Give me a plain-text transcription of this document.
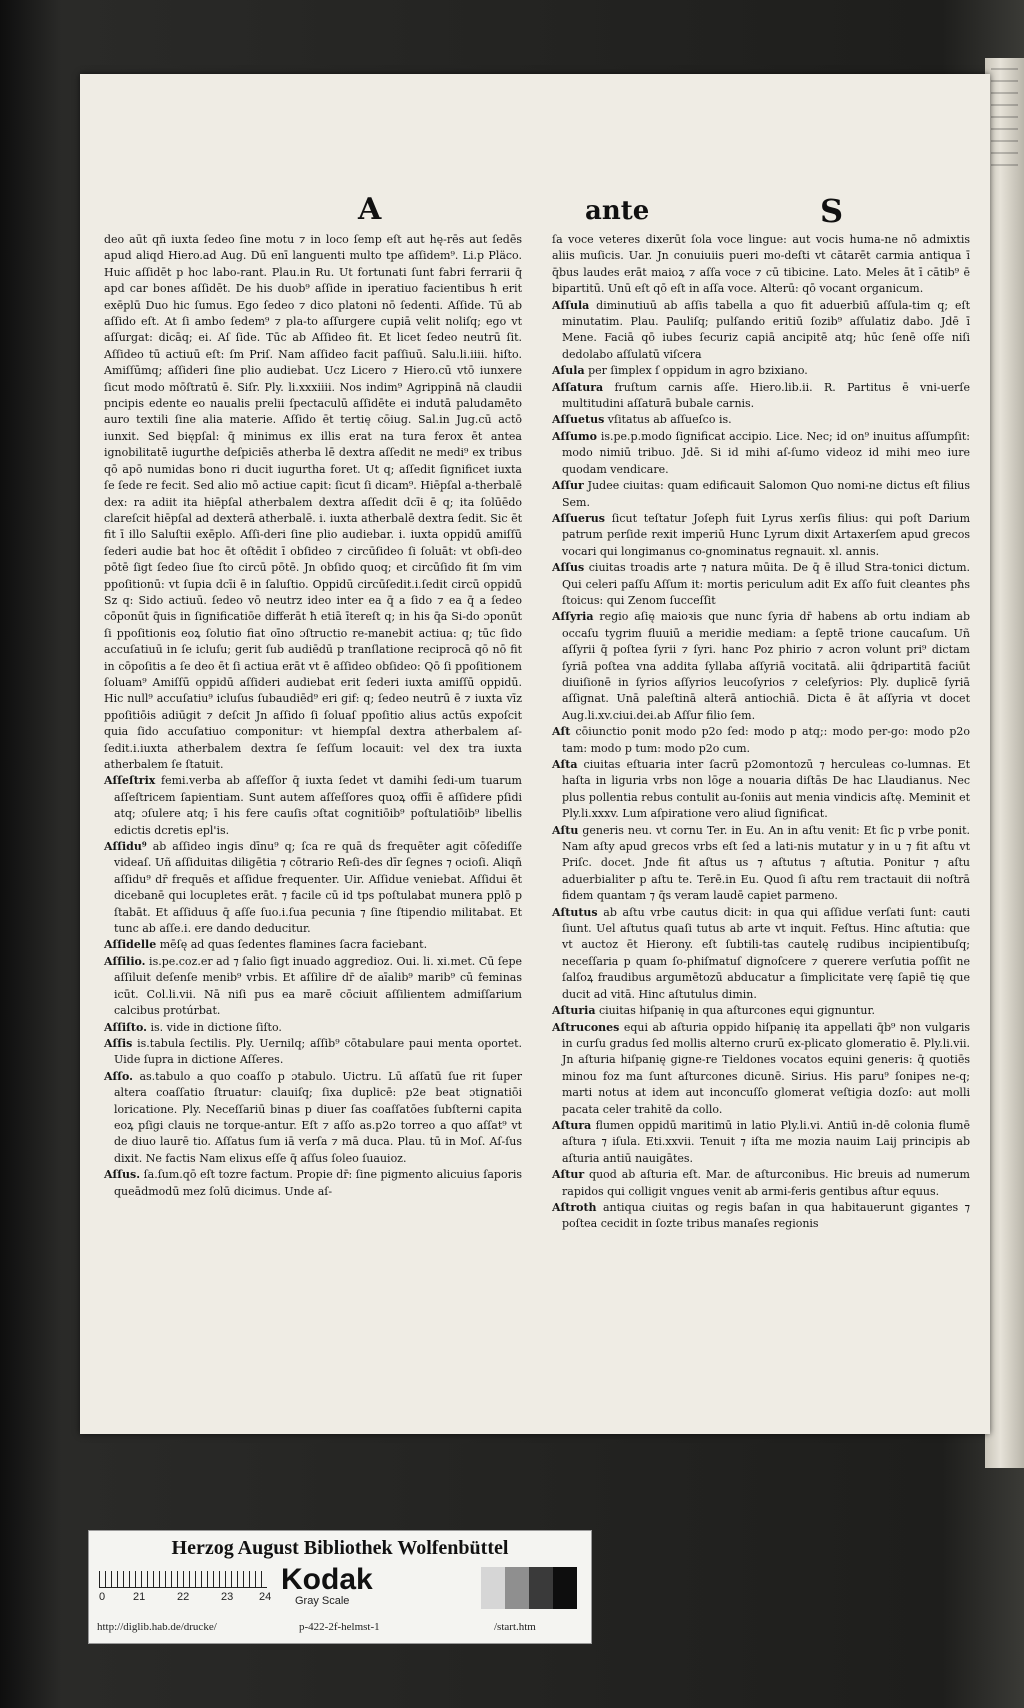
A	ante	S

deo aūt qñ iuxta ſedeo ſine motu ⁊ in loco ſemp eſt aut hę-rēs aut ſedēs apud aliqd Hiero.ad Aug. Dū enī languenti multo tpe aſſidem⁹. Li.p Pläco. Huic aſſidēt p hoc labo-rant. Plau.in Ru. Ut fortunati ſunt fabri ferrarii q̄ apd car bones aſſidēt. De his duob⁹ aſſide in iperatiuo facientibus ħ erit exēplū Duo hic ſumus. Ego ſedeo ⁊ dico platoni nō ſedenti. Aſſide. Tū ab aſſido eſt. At ſi ambo ſedem⁹ ⁊ pla-to aſſurgere cupiā velit noliſq; ego vt aſſurgat: dicāq; ei. Aſ ſide. Tūc ab Aſſideo fit. Et licet ſedeo neutrū ſit. Aſſideo tū actiuū eſt: ſm Priſ. Nam aſſideo facit paſſiuū. Salu.li.iiii. hiſto. Amiſſūmq; aſſideri ſine plio audiebat. Ucz Licero ⁊ Hiero.cū vtō iunxere ſicut modo mōſtratū ē. Siſr. Ply. li.xxxiiii. Nos indim⁹ Agrippinā nā claudii pncipis edente eo naualis prelii ſpectaculū aſſidēte ei indutā paludamēto auro textili ſine alia materie. Aſſido ēt tertię cōiug. Sal.in Jug.cū actō iunxit. Sed biępſal: q̄ minimus ex illis erat na tura ferox ēt antea ignobilitatē iugurthe deſpiciēs atherba lē dextra aſſedit ne medi⁹ ex tribus qō apō numidas bono ri ducit iugurtha foret. Ut q; aſſedit ſignificet iuxta ſe ſede re fecit. Sed alio mō actiue capit: ſicut ſi dicam⁹. Hiēpſal a-therbalē dex: ra adiit ita hiēpſal atherbalem dextra aſſedit dcīi ē q; ita ſolūēdo clareſcit hiēpſal ad dexterā atherbalē. i. iuxta atherbalē dextra ſedit. Sic ēt fit ī illo Saluſtii exēplo. Aſſi-deri ſine plio audiebar. i. iuxta oppidū amiſſū ſederi audie bat hoc ēt oſtēdit ī obſideo ⁊ circūſideo ſi ſoluāt: vt obſi-deo pōtē ſigt ſedeo ſiue ſto circū pōtē. Jn obſido quoq; et circūſido fit ſm vim ppoſitionū: vt ſupia dcīi ē in ſaluſtio. Oppidū circūſedit.i.ſedit circū oppidū Sz q: Sido actiuū. ſedeo vō neutrz ideo inter ea q̄ a ſido ⁊ ea q̄ a ſedeo cōponūt q̄uis in ſignificatiōe differāt ħ etiā ītereſt q; in his q̄a Si-do ɔponūt ſi ppoſitionis eoꝝ ſolutio fiat oīno ɔſtructio re-manebit actiua: q; tūc ſido accuſatiuū in ſe icluſu; gerit ſub audiēdū p tranſlatione reciprocā qō nō fit in cōpoſitis a ſe deo ēt ſi actiua erāt vt ē aſſideo obſideo: Qō ſi ppoſitionem ſoluam⁹ Amiſſū oppidū aſſideri audiebat erit ſederi iuxta amiſſū oppidū. Hic null⁹ accuſatiu⁹ icluſus ſubaudiēd⁹ eri gif: q; ſedeo neutrū ē ⁊ iuxta vīz ppoſitiōis adiūgit ⁊ deſcit Jn aſſido ſi ſoluaſ ppoſitio alius actūs expoſcit quia ſido accuſatiuo componitur: vt hiempſal dextra atherbalem aſ-ſedit.i.iuxta atherbalem dextra ſe ſeſſum locauit: vel dex tra iuxta atherbalem ſe ſtatuit.

Aſſeſtrix femi.verba ab aſſeſſor q̄ iuxta ſedet vt damihi ſedi-um tuarum aſſeſtricem ſapientiam. Sunt autem aſſeſſores quoꝝ offīi ē aſſidere pſidi atq; ɔſulere atq; ī his fere cauſis ɔſtat cognitiōib⁹ poſtulatiōib⁹ libellis edictis dcretis epl'is.

Aſſidu⁹ ab aſſideo ingis dīnu⁹ q; ſca re quā ḋs frequēter agit cōſediſſe videaſ. Uñ aſſiduitas diligētia ⁊ cōtrario Reſi-des dīr ſegnes ⁊ ocioſi. Aliqñ aſſidu⁹ dr̄ frequēs et aſſidue frequenter. Uir. Aſſidue veniebat. Aſſidui ēt dicebanē qui locupletes erāt. ⁊ facile cū id tps poſtulabat munera pplō p ſtabāt. Et aſſiduus q̄ aſſe ſuo.i.ſua pecunia ⁊ ſine ſtipendio militabat. Et tunc ab aſſe.i. ere dando deducitur.

Aſſidelle mēſę ad quas ſedentes flamines ſacra faciebant.

Aſſilio. is.pe.coz.er ad ⁊ ſalio ſigt inuado aggredioz. Oui. li. xi.met. Cū ſepe aſſiluit deſenſe menib⁹ vrbis. Et aſſilire dr̄ de aīalib⁹ marib⁹ cū feminas icūt. Col.li.vii. Nā niſi pus ea marē cōciuit aſſilientem admiſſarium calcibus protúrbat.

Aſſiſto. is. vide in dictione ſiſto.

Aſſis is.tabula ſectilis. Ply. Uernilq; aſſib⁹ cōtabulare paui menta oportet. Uide ſupra in dictione Aſſeres.

Aſſo. as.tabulo a quo coaſſo p ɔtabulo. Uictru. Lū aſſatū ſue rit ſuper altera coaſſatio ſtruatur: clauiſq; ſixa duplicē: p2e beat ɔtignatiōi loricatione. Ply. Neceſſariū binas p diuer ſas coaſſatōes ſubſterni capita eoꝝ pſigi clauis ne torque-antur. Eſt ⁊ aſſo as.p2o torreo a quo aſſat⁹ vt de diuo laurē tio. Aſſatus ſum iā verſa ⁊ mā duca. Plau. tū in Moſ. Aſ-ſus dixit. Ne factis Nam elixus eſſe q̄ aſſus ſoleo ſuauioz.

Aſſus. ſa.ſum.qō eſt tozre factum. Propie dr̄: ſine pigmento alicuius ſaporis queādmodū mez ſolū dicimus. Unde aſ-

ſa voce veteres dixerūt ſola voce lingue: aut vocis huma-ne nō admixtis aliis muſicis. Uar. Jn conuiuiis pueri mo-deſti vt cātarēt carmia antiqua ī q̄bus laudes erāt maioꝝ ⁊ aſſa voce ⁊ cū tibicine. Lato. Meles āt ī cātib⁹ ē bipartitū. Unū eſt qō eſt in aſſa voce. Alterū: qō vocant organicum.

Aſſula diminutiuū ab aſſis tabella a quo fit aduerbiū aſſula-tim q; eſt minutatim. Plau. Pauliſq; pulſando eritiū ſozib⁹ aſſulatiz dabo. Jdē ī Mene. Faciā qō iubes ſecuriz capiā ancipitē atq; hūc ſenē oſſe niſi dedolabo aſſulatū viſcera

Aſula per ſimplex ſ oppidum in agro bzixiano.

Aſſatura fruſtum carnis aſſe. Hiero.lib.ii. R. Partitus ē vni-uerſe multitudini aſſaturā bubale carnis.

Aſſuetus vſitatus ab aſſueſco is.

Aſſumo is.pe.p.modo ſignificat accipio. Lice. Nec; id on⁹ inuitus aſſumpſit: modo nimiū tribuo. Jdē. Si id mihi aſ-ſumo videoz id mihi meo iure quodam vendicare.

Aſſur Judee ciuitas: quam edificauit Salomon Quo nomi-ne dictus eſt filius Sem.

Aſſuerus ſicut teſtatur Joſeph fuit Lyrus xerſis filius: qui poſt Darium patrum perſide rexit imperiū Hunc Lyrum dixit Artaxerſem apud grecos vocari qui longimanus co-gnominatus regnauit. xl. annis.

Aſſus ciuitas troadis arte ⁊ natura mūita. De q̄ ē illud Stra-tonici dictum. Qui celeri paſſu Aſſum it: mortis periculum adit Ex aſſo fuit cleantes pħs ſtoicus: qui Zenom ſucceſſit

Aſſyria regio aſię maioꝛis que nunc ſyria dr̄ habens ab ortu indiam ab occaſu tygrim fluuiū a meridie mediam: a ſeptē trione caucaſum. Uñ aſſyrii q̄ poſtea ſyrii ⁊ ſyri. hanc Poz phirio ⁊ acron volunt pri⁹ dictam ſyriā poſtea vna addita ſyllaba aſſyriā vocitatā. alii q̄dripartitā faciūt diuiſionē in ſyrios aſſyrios leucoſyrios ⁊ celeſyrios: Ply. duplicē ſyriā aſſignat. Unā paleſtinā alterā antiochiā. Dicta ē āt aſſyria vt docet Aug.li.xv.ciui.dei.ab Aſſur filio ſem.

Aſt cōiunctio ponit modo p2o ſed: modo p atq;: modo per-go: modo p2o tam: modo p tum: modo p2o cum.

Aſta ciuitas eſtuaria inter ſacrū p2omontozū ⁊ herculeas co-lumnas. Et haſta in liguria vrbs non lōge a nouaria diſtās De hac Llaudianus. Nec plus pollentia rebus contulit au-ſoniis aut menia vindicis aſtę. Meminit et Ply.li.xxxv. Lum aſpiratione vero aliud ſignificat.

Aſtu generis neu. vt cornu Ter. in Eu. An in aſtu venit: Et ſic p vrbe ponit. Nam aſty apud grecos vrbs eſt ſed a lati-nis mutatur y in u ⁊ fit aſtu vt Priſc. docet. Jnde fit aſtus us ⁊ aſtutus ⁊ aſtutia. Ponitur ⁊ aſtu aduerbialiter p aſtu te. Terē.in Eu. Quod ſi aſtu rem tractauit dii noſtrā fidem quantam ⁊ q̄s veram laudē capiet parmeno.

Aſtutus ab aſtu vrbe cautus dicit: in qua qui aſſidue verſati ſunt: cauti ſiunt. Uel aſtutus quaſi tutus ab arte vt inquit. Feſtus. Hinc aſtutia: que vt auctoz ēt Hierony. eſt ſubtili-tas cautelę rudibus incipientibuſq; neceſſaria p quam ſo-phiſmatuſ dignoſcere ⁊ querere verſutia poſſit ne ſalſoꝝ fraudibus argumētozū abducatur a ſimplicitate verę ſapiē tię que ducit ad vitā. Hinc aſtutulus dimin.

Aſturia ciuitas hiſpanię in qua aſturcones equi gignuntur.

Aſtrucones equi ab aſturia oppido hiſpanię ita appellati q̄b⁹ non vulgaris in curſu gradus ſed mollis alterno crurū ex-plicato glomeratio ē. Ply.li.vii. Jn aſturia hiſpanię gigne-re Tieldones vocatos equini generis: q̄ quotiēs minou foz ma ſunt aſturcones dicunē. Sirius. His paru⁹ ſonipes ne-q; marti notus at idem aut inconcuſſo glomerat veſtigia dozſo: aut molli pacata celer trahitē da collo.

Aſtura flumen oppidū maritimū in latio Ply.li.vi. Antiū in-dē colonia flumē aſtura ⁊ iſula. Eti.xxvii. Tenuit ⁊ iſta me mozia nauim Laij principis ab aſturia antiū nauigātes.

Aſtur quod ab aſturia eſt. Mar. de aſturconibus. Hic breuis ad numerum rapidos qui colligit vngues venit ab armi-feris gentibus aſtur equus.

Aſtroth antiqua ciuitas og regis baſan in qua habitauerunt gigantes ⁊ poſtea cecidit in ſozte tribus manaſes regionis

Herzog August Bibliothek Wolfenbüttel
0	21	22	23 24
Kodak
Gray Scale
http://diglib.hab.de/drucke/	p-422-2f-helmst-1	/start.htm
